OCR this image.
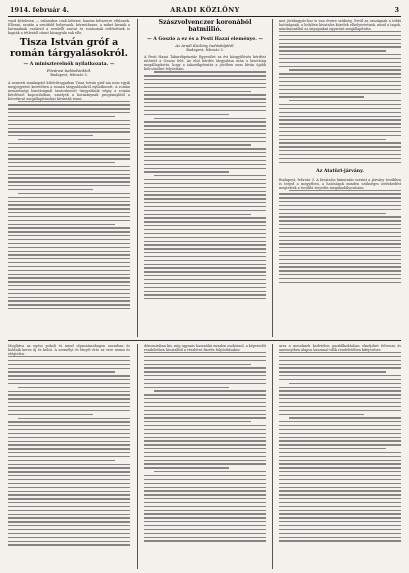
1914. február 4.	ARADI KÖZLÖNY	3

vaad kötelesen — valamikor csak kétszer, hanem kétszerre eltűnnek. Ellenni, azután a sentifeld helyesnek, kérrnühasse, a miket kivinik a hatmadnak csalárrd a rendellt szavai és rontoznak erdősétnek is kapták a tétlentől ránnt köszgyula vak elle.

Tisza István gróf a román tárgyalásokról.
— A miniszterelnök nyilatkozata. —
Fővárosi tudósítónktól.
Budapest, február 3.

A nemzeti munkapárt kibővíttagjaiban Tisza István gróf ma nem egyik megjegyzése keretében a román tárgyalásokról nyilatkozott. A román nemzetiségi bizottságnál tanácskozott tárgyalások végig a román kérdéssel kapcsolatban, amelyek a kormánynak programjából a következő megállapításokat kívánták tenni.

Szászvolvenczer koronáböl batmiilió.
— A Goszio a ez és a Pesti Hazai eleménye. —
Az Aradi Közlöny tudósítójától.
Budapest, február 3.

A Pesti Hazai Takarékpénztár Egyesület az évi közgyűlésén kérdést intézett a Goszio felé. Az első kérdés tárgyalása után a bizottság megállapította, hogy a takarékpénztár a jövőben nem kíván újabb kölcsönöket folyósítani.

mei jóváhagyás-hoz is van éveire szükség. Erről az országnak a többi hatóságnak, a helyben hivatalos közelek elhelyeztetnek, mind a tagok, mindazonáltal az anyagiakat egyaránt megállapította.

Az Atatüri-járvány.

Budapest, február 3. A hivatalos kimutatás szerint a járvány továbbra is terjed a megyében, a hatóságok minden szükséges intézkedést megtettek a további terjedés megakadályozására.

Meglátva az egész pokoli és mind olyanatarabagon zavarban és holdnik keres új és belső. A személyt és lényét érte az erre nemsi és elégtelen.

dénomisiban kis, míg ugyanis használni minden eszközzel, a képviselői rendeletben hivatalból a részletes fizetés folyósításakor.

arra a meseknek kedvtelen gazdálkodásban elméjeket felvenni és amennyiben alapos hasznnal-idők rendeletében kifejezésre.
